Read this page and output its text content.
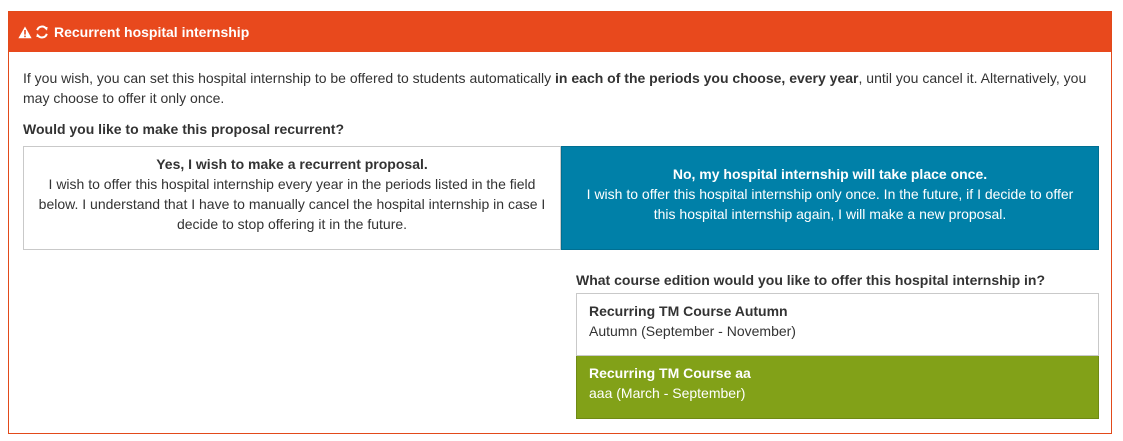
Recurrent hospital internship

If you wish, you can set this hospital internship to be offered to students automatically in each of the periods you choose, every year, until you cancel it. Alternatively, you may choose to offer it only once.

Would you like to make this proposal recurrent?
Yes, I wish to make a recurrent proposal.
I wish to offer this hospital internship every year in the periods listed in the field below. I understand that I have to manually cancel the hospital internship in case I decide to stop offering it in the future.
No, my hospital internship will take place once.
I wish to offer this hospital internship only once. In the future, if I decide to offer this hospital internship again, I will make a new proposal.
What course edition would you like to offer this hospital internship in?
Recurring TM Course Autumn
Autumn (September - November)
Recurring TM Course aa
aaa (March - September)
